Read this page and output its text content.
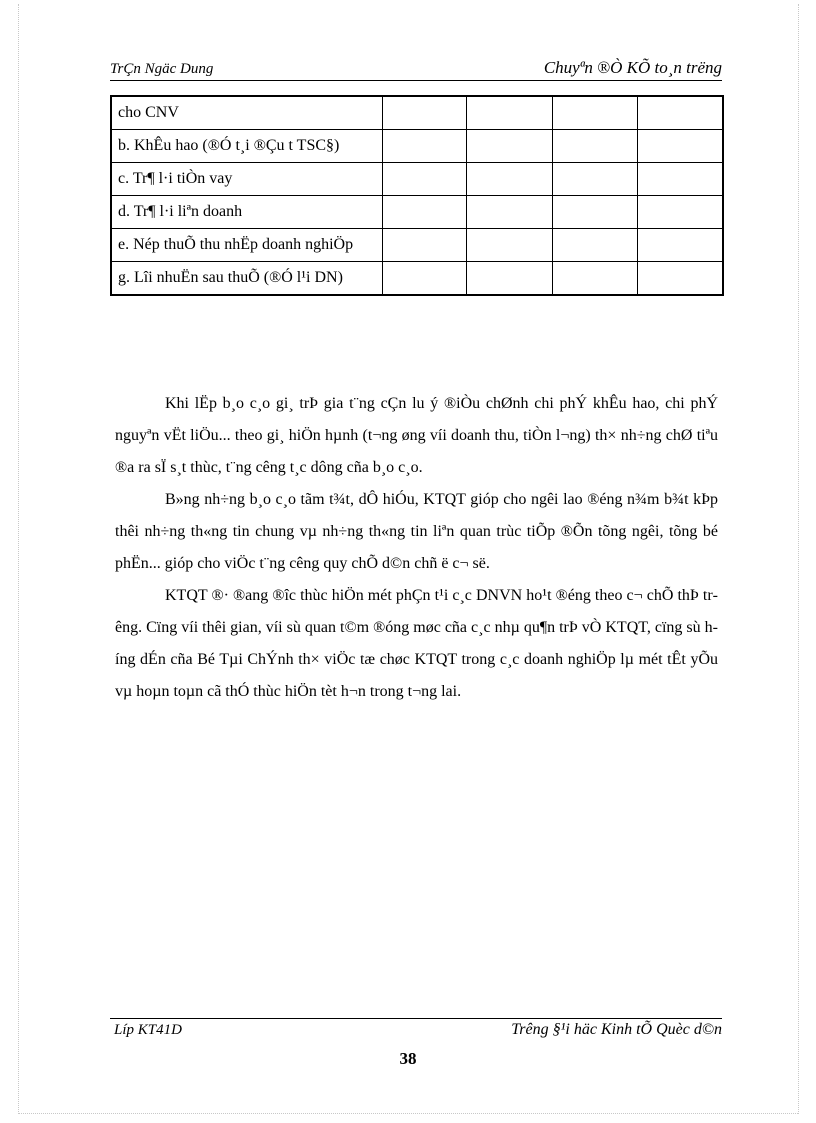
TrÇn Ngäc Dung	Chuyªn ®Ò KÕ to¸n trëng
cho CNV				
b. KhÊu hao (®Ó t¸i ®Çu t TSC§)				
c. Tr¶ l·i tiÒn vay				
d. Tr¶ l·i liªn doanh				
e. Nép thuÕ thu nhËp doanh nghiÖp				
g. Lîi nhuËn sau thuÕ (®Ó l¹i DN)				

Khi lËp b¸o c¸o gi¸ trÞ gia t¨ng cÇn lu ý ®iÒu chØnh chi phÝ khÊu hao, chi phÝ nguyªn vËt liÖu... theo gi¸ hiÖn hµnh (t¬ng øng víi doanh thu, tiÒn l¬ng) th× nh÷ng chØ tiªu ®a ra sÏ s¸t thùc, t¨ng cêng t¸c dông cña b¸o c¸o.

B»ng nh÷ng b¸o c¸o tãm t¾t, dÔ hiÓu, KTQT gióp cho ngêi lao ®éng n¾m b¾t kÞp thêi nh÷ng th«ng tin chung vµ nh÷ng th«ng tin liªn quan trùc tiÕp ®Õn tõng ngêi, tõng bé phËn... gióp cho viÖc t¨ng cêng quy chÕ d©n chñ ë c¬ së.

KTQT ®· ®ang ®îc thùc hiÖn mét phÇn t¹i c¸c DNVN ho¹t ®éng theo c¬ chÕ thÞ trêng. Cïng víi thêi gian, víi sù quan t©m ®óng møc cña c¸c nhµ qu¶n trÞ vÒ KTQT, cïng sù híng dÉn cña Bé Tµi ChÝnh th× viÖc tæ chøc KTQT trong c¸c doanh nghiÖp lµ mét tÊt yÕu vµ hoµn toµn cã thÓ thùc hiÖn tèt h¬n trong t¬ng lai.

Líp KT41D	Trêng §¹i häc Kinh tÕ Quèc d©n
38
